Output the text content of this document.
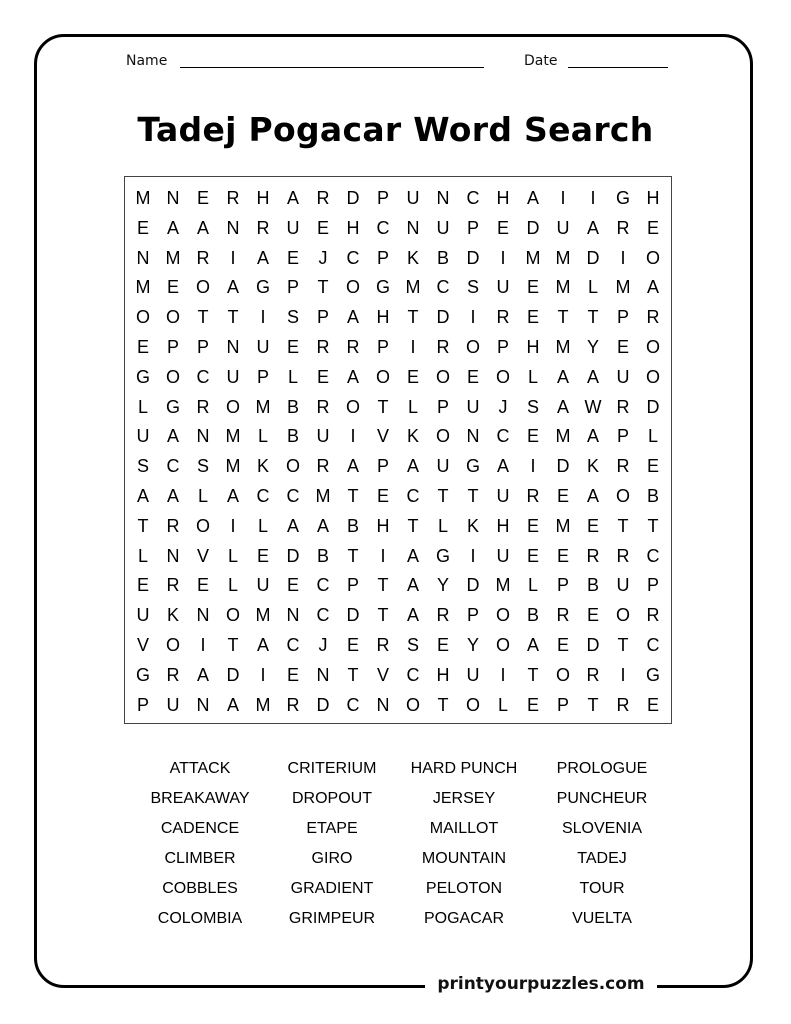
Name	Date
Tadej Pogacar Word Search
M N E R H A R D P U N C H A	I	I	G H
E A A N R U E H C N U P E D U A R E
N M R	I	A E	J	C P K B D	I	M M D	I	O
M E O A G P	T O G M C S U E M L M A
O O T	T	I	S P A H	T	D	I	R E	T	T	P R
E P P N U E R R P	I	R O P H M Y E O
G O C U P	L	E A O E O E O L	A A U O
L G R O M B R O T	L	P U	J	S A W R D
U A N M L	B U	I	V K O N C E M A P	L
S C S M K O R A P A U G A	I	D K R E
A A	L	A C C M T	E C	T	T	U R E A O B
T	R O	I	L	A A B H	T	L	K H E M E	T	T
L	N V	L	E D B	T	I	A G	I	U E E R R C
E R E	L	U E C P	T	A Y D M L	P B U P
U K N O M N C D	T	A R P O B R E O R
V O	I	T	A C	J	E R S E Y O A E D	T	C
G R A D	I	E N	T	V C H U	I	T O R	I	G
P U N A M R D C N O T O L	E P	T	R E
ATTACK	CRITERIUM	HARD PUNCH	PROLOGUE
BREAKAWAY	DROPOUT	JERSEY	PUNCHEUR
CADENCE	ETAPE	MAILLOT	SLOVENIA
CLIMBER	GIRO	MOUNTAIN	TADEJ
COBBLES	GRADIENT	PELOTON	TOUR
COLOMBIA	GRIMPEUR	POGACAR	VUELTA
printyourpuzzles.com
